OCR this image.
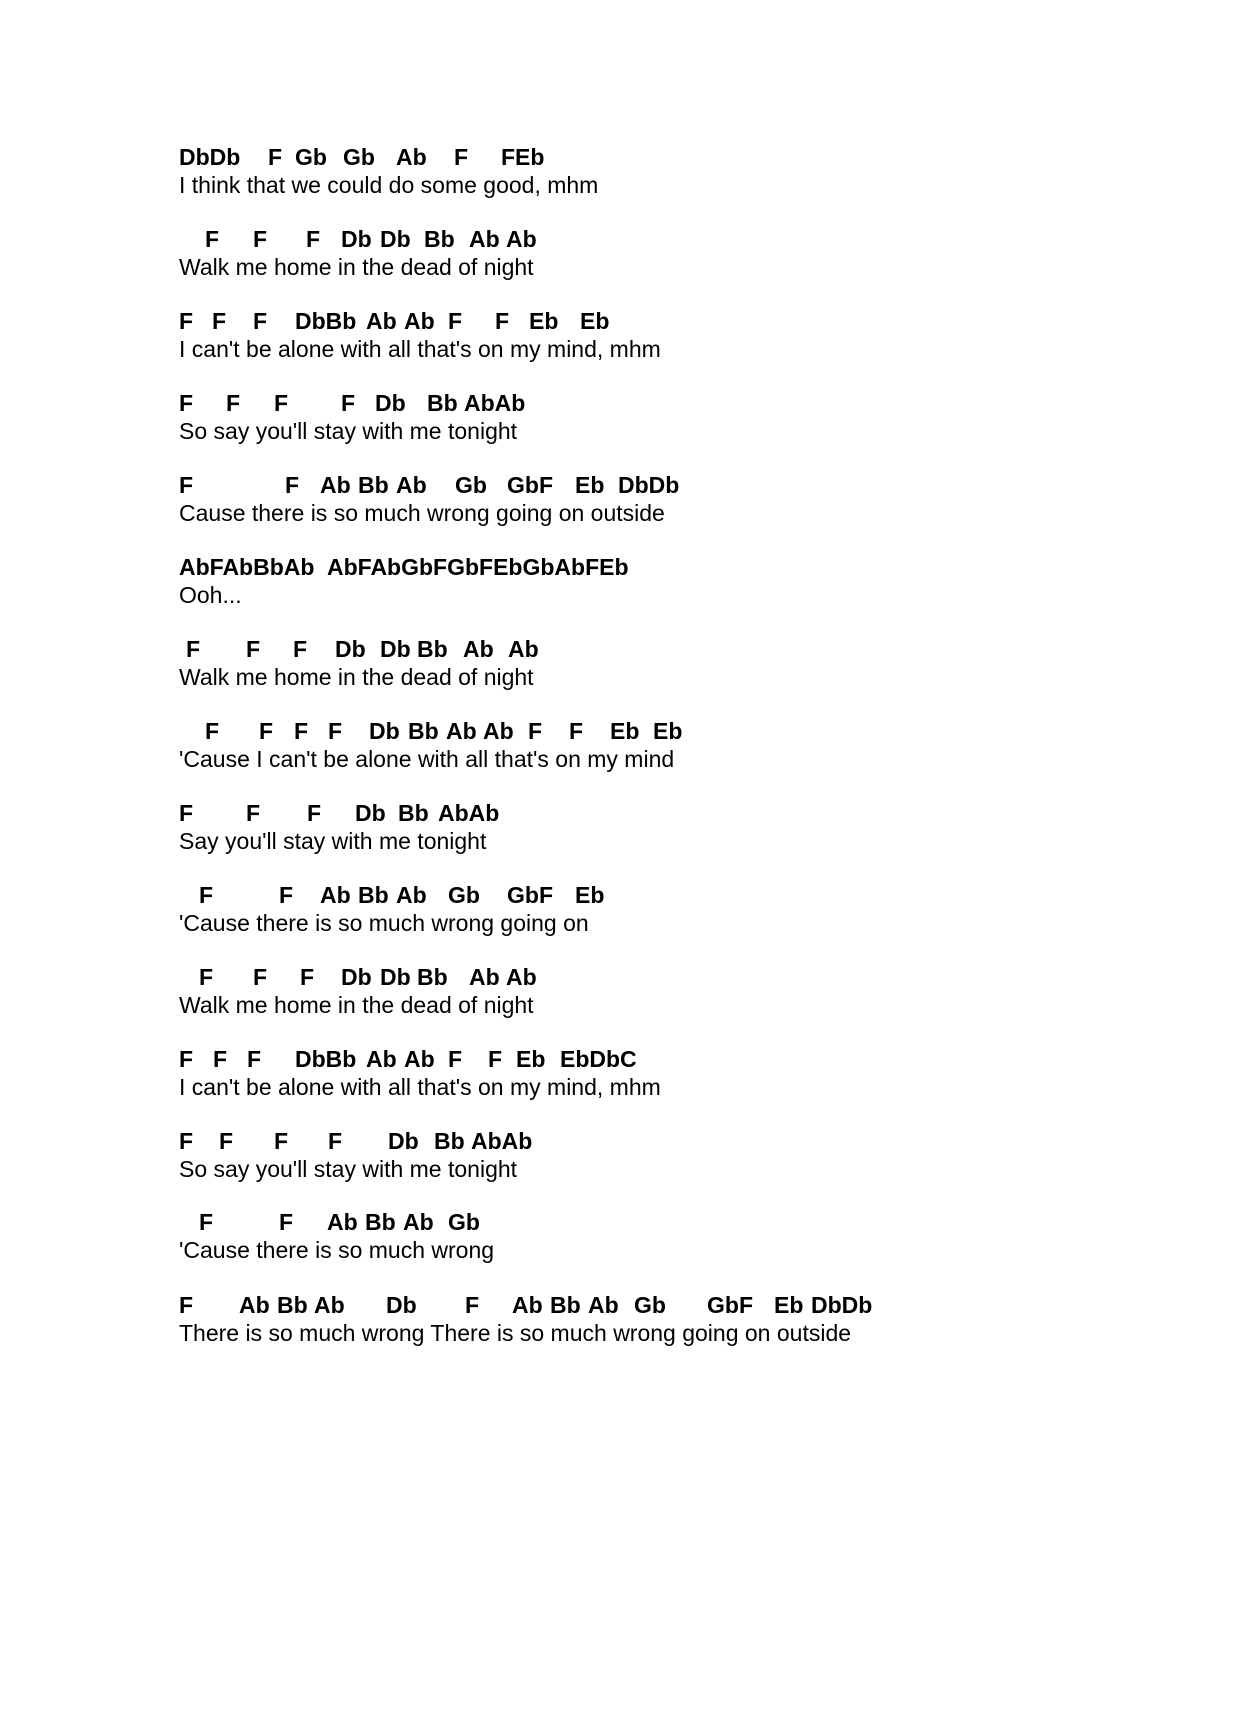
DbDb

F

Gb

Gb

Ab

F

FEb

I think that we could do some good, mhm

F

F

F

Db

Db

Bb

Ab

Ab

Walk me home in the dead of night

F

F

F

DbBb

Ab

Ab

F

F

Eb

Eb

I can't be alone with all that's on my mind, mhm

F

F

F

F

Db

Bb

AbAb

So say you'll stay with me tonight

F

	F

Ab

Bb

Ab

Gb

GbF

Eb

DbDb

Cause there is so much wrong going on outside

AbFAbBbAb

AbFAbGbFGbFEbGbAbFEb

Ooh...

F

F

F

Db

Db

Bb

Ab

Ab

Walk me home in the dead of night

F

F

F

F

Db

Bb

Ab

Ab

F

F

Eb

Eb

'Cause I can't be alone with all that's on my mind

F

F

F

Db

Bb

AbAb

Say you'll stay with me tonight

F

	F

Ab

Bb

Ab

Gb

GbF

Eb

'Cause there is so much wrong going on

F

F

F

Db

Db

Bb

Ab

Ab

Walk me home in the dead of night

F

F

F

DbBb

Ab

Ab

F

F

Eb

EbDbC

I can't be alone with all that's on my mind, mhm

F

F

F

F

Db

Bb

AbAb

So say you'll stay with me tonight

F

	F

Ab

Bb

Ab

Gb

'Cause there is so much wrong

F

Ab

Bb

Ab

Db

F

Ab

Bb

Ab

Gb

GbF

Eb

DbDb

There is so much wrong There is so much wrong going on outside
